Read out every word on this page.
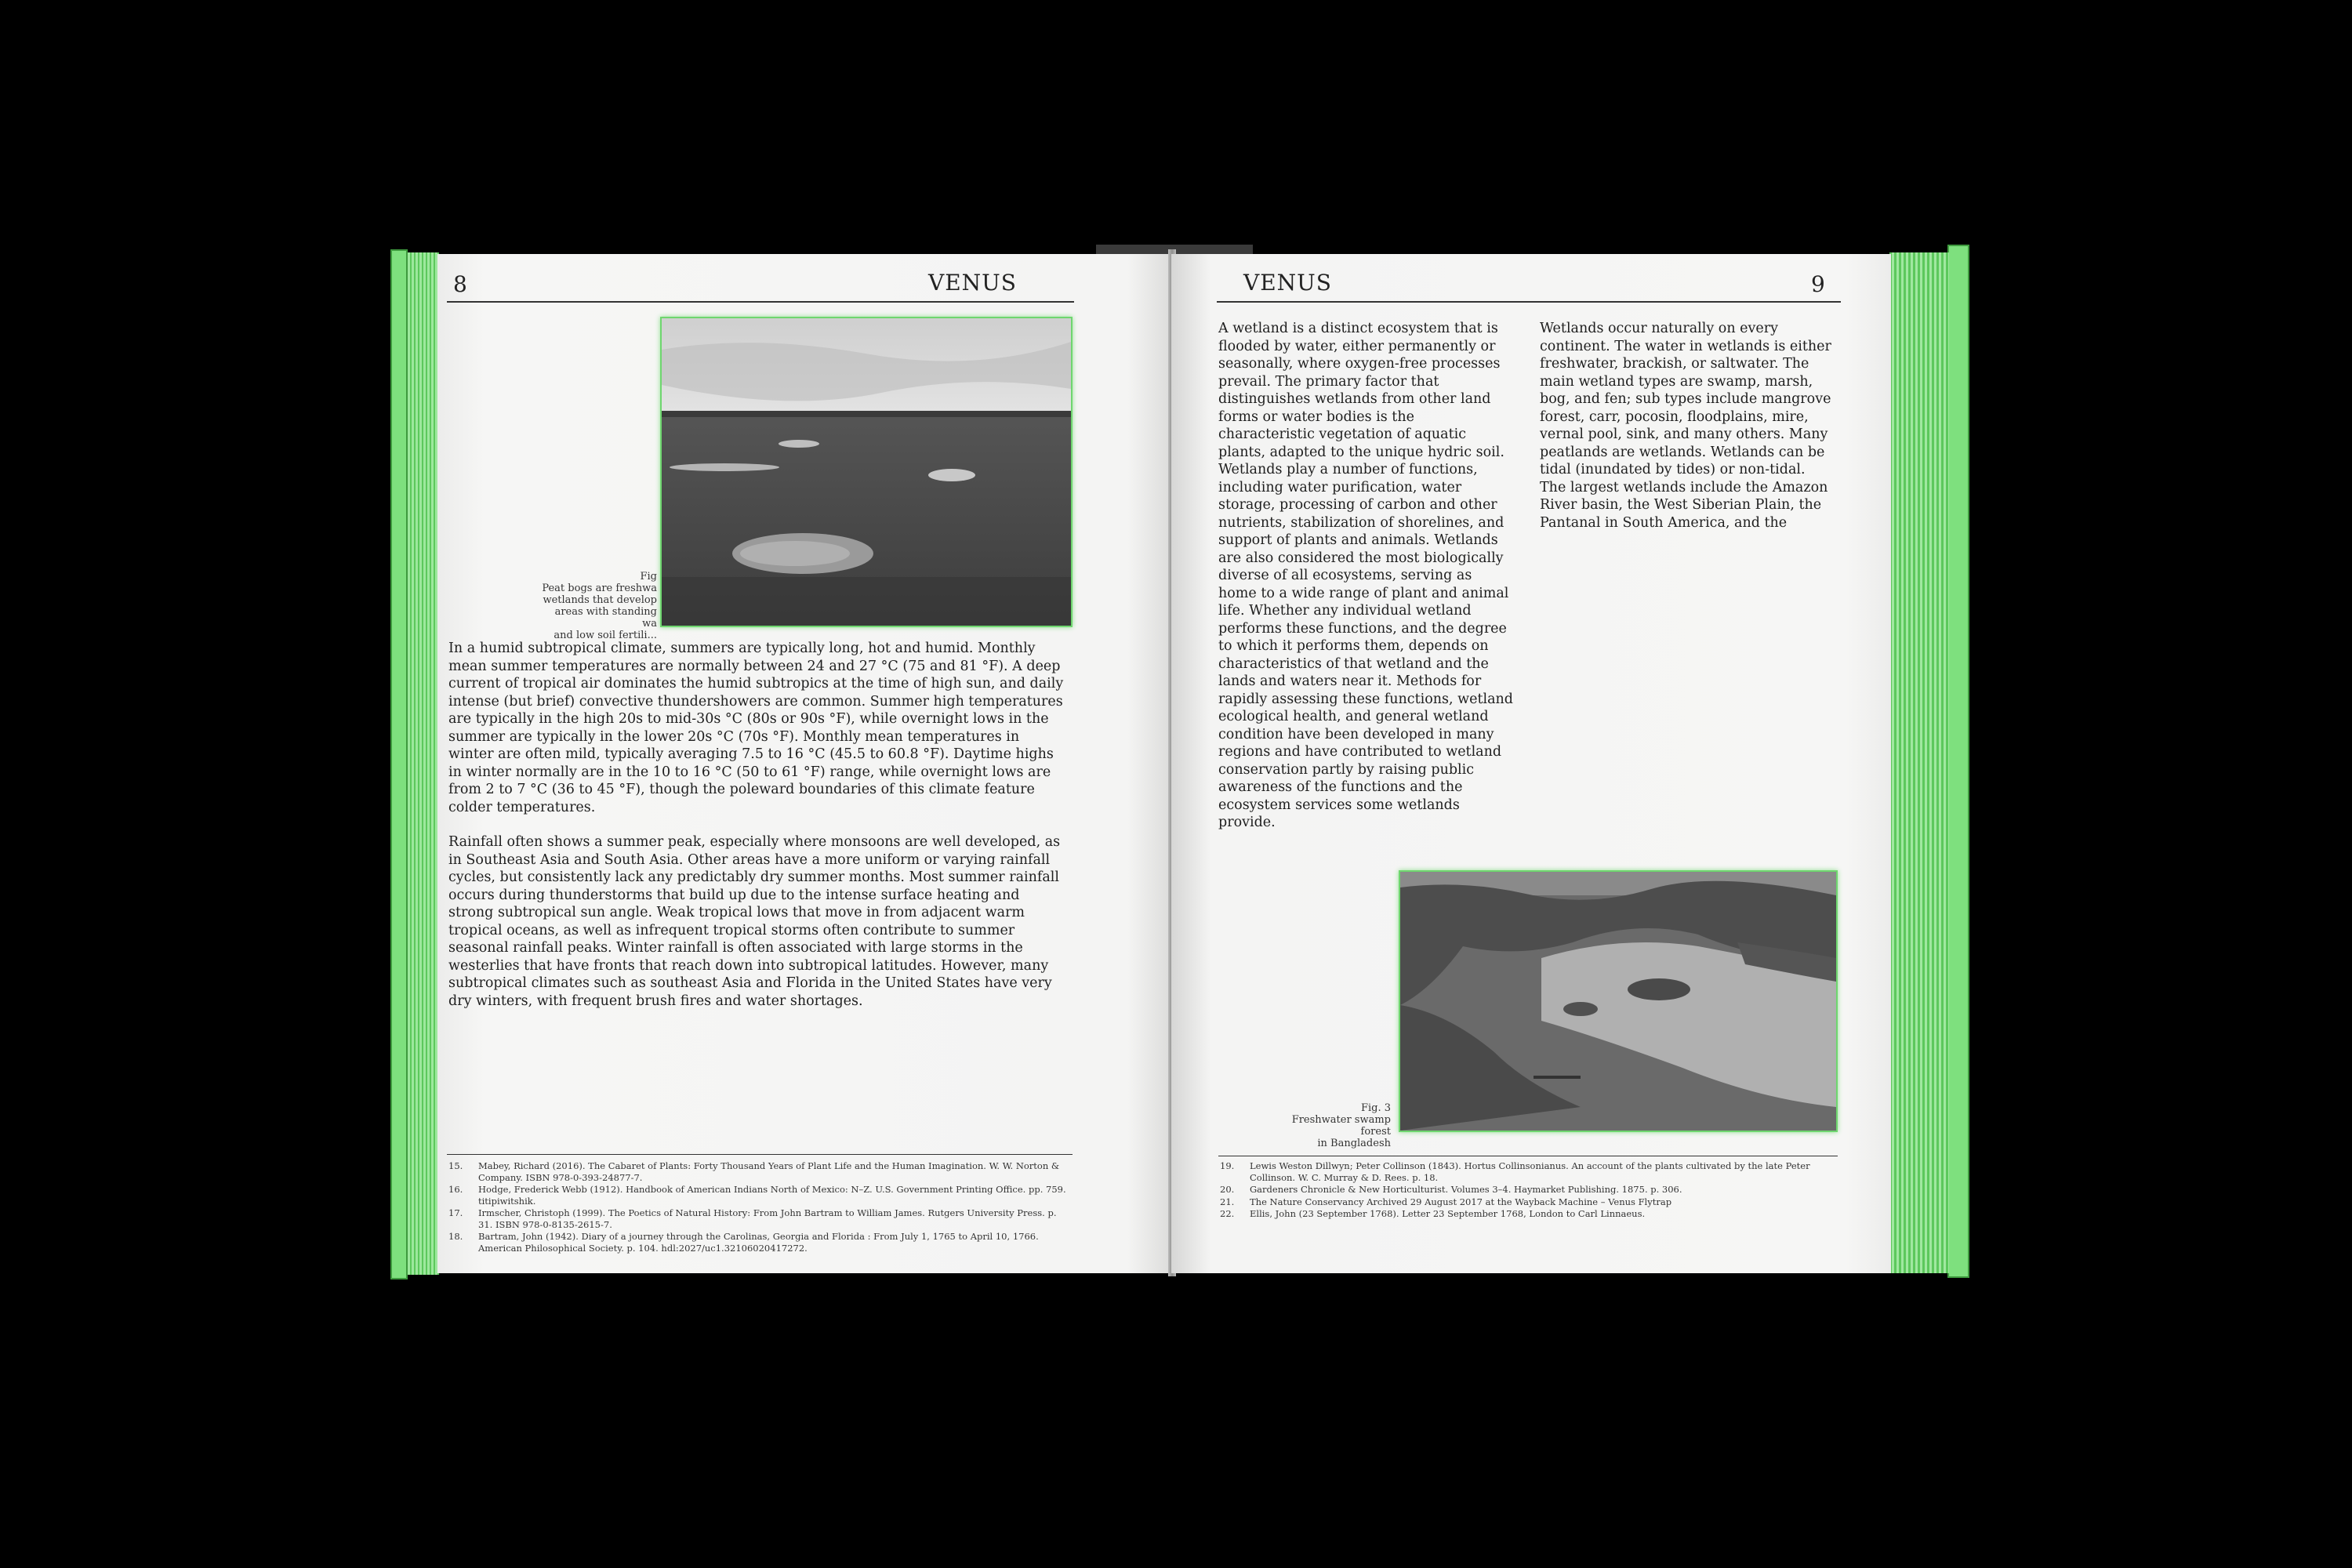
8	VENUS
Fig
Peat bogs are freshwa
wetlands that develop
areas with standing wa
and low soil fertili...

In a humid subtropical climate, summers are typically long, hot and humid. Monthly mean summer temperatures are normally between 24 and 27 °C (75 and 81 °F). A deep current of tropical air dominates the humid subtropics at the time of high sun, and daily intense (but brief) convective thundershowers are common. Summer high temperatures are typically in the high 20s to mid-30s °C (80s or 90s °F), while overnight lows in the summer are typically in the lower 20s °C (70s °F). Monthly mean temperatures in winter are often mild, typically averaging 7.5 to 16 °C (45.5 to 60.8 °F). Daytime highs in winter normally are in the 10 to 16 °C (50 to 61 °F) range, while overnight lows are from 2 to 7 °C (36 to 45 °F), though the poleward boundaries of this climate feature colder temperatures.

Rainfall often shows a summer peak, especially where monsoons are well developed, as in Southeast Asia and South Asia. Other areas have a more uniform or varying rainfall cycles, but consistently lack any predictably dry summer months. Most summer rainfall occurs during thunderstorms that build up due to the intense surface heating and strong subtropical sun angle. Weak tropical lows that move in from adjacent warm tropical oceans, as well as infrequent tropical storms often contribute to summer seasonal rainfall peaks. Winter rainfall is often associated with large storms in the westerlies that have fronts that reach down into subtropical latitudes. However, many subtropical climates such as southeast Asia and Florida in the United States have very dry winters, with frequent brush fires and water shortages.

15.	Mabey, Richard (2016). The Cabaret of Plants: Forty Thousand Years of Plant Life and the Human Imagination. W. W. Norton & Company. ISBN 978-0-393-24877-7.
16.	Hodge, Frederick Webb (1912). Handbook of American Indians North of Mexico: N–Z. U.S. Government Printing Office. pp. 759. titipiwitshik.
17.	Irmscher, Christoph (1999). The Poetics of Natural History: From John Bartram to William James. Rutgers University Press. p. 31. ISBN 978-0-8135-2615-7.
18.	Bartram, John (1942). Diary of a journey through the Carolinas, Georgia and Florida : From July 1, 1765 to April 10, 1766. American Philosophical Society. p. 104. hdl:2027/uc1.32106020417272.
VENUS	9
A wetland is a distinct ecosystem that is flooded by water, either permanently or seasonally, where oxygen-free processes prevail. The primary factor that distinguishes wetlands from other land forms or water bodies is the characteristic vegetation of aquatic plants, adapted to the unique hydric soil. Wetlands play a number of functions, including water purification, water storage, processing of carbon and other nutrients, stabilization of shorelines, and support of plants and animals. Wetlands are also considered the most biologically diverse of all ecosystems, serving as home to a wide range of plant and animal life. Whether any individual wetland performs these functions, and the degree to which it performs them, depends on characteristics of that wetland and the lands and waters near it. Methods for rapidly assessing these functions, wetland ecological health, and general wetland condition have been developed in many regions and have contributed to wetland conservation partly by raising public awareness of the functions and the ecosystem services some wetlands provide.
Wetlands occur naturally on every continent. The water in wetlands is either freshwater, brackish, or saltwater. The main wetland types are swamp, marsh, bog, and fen; sub types include mangrove forest, carr, pocosin, floodplains, mire, vernal pool, sink, and many others. Many peatlands are wetlands. Wetlands can be tidal (inundated by tides) or non-tidal. The largest wetlands include the Amazon River basin, the West Siberian Plain, the Pantanal in South America, and the
Fig. 3
Freshwater swamp forest
in Bangladesh
19.	Lewis Weston Dillwyn; Peter Collinson (1843). Hortus Collinsonianus. An account of the plants cultivated by the late Peter Collinson. W. C. Murray & D. Rees. p. 18.
20.	Gardeners Chronicle & New Horticulturist. Volumes 3–4. Haymarket Publishing. 1875. p. 306.
21.	The Nature Conservancy Archived 29 August 2017 at the Wayback Machine – Venus Flytrap
22.	Ellis, John (23 September 1768). Letter 23 September 1768, London to Carl Linnaeus.
